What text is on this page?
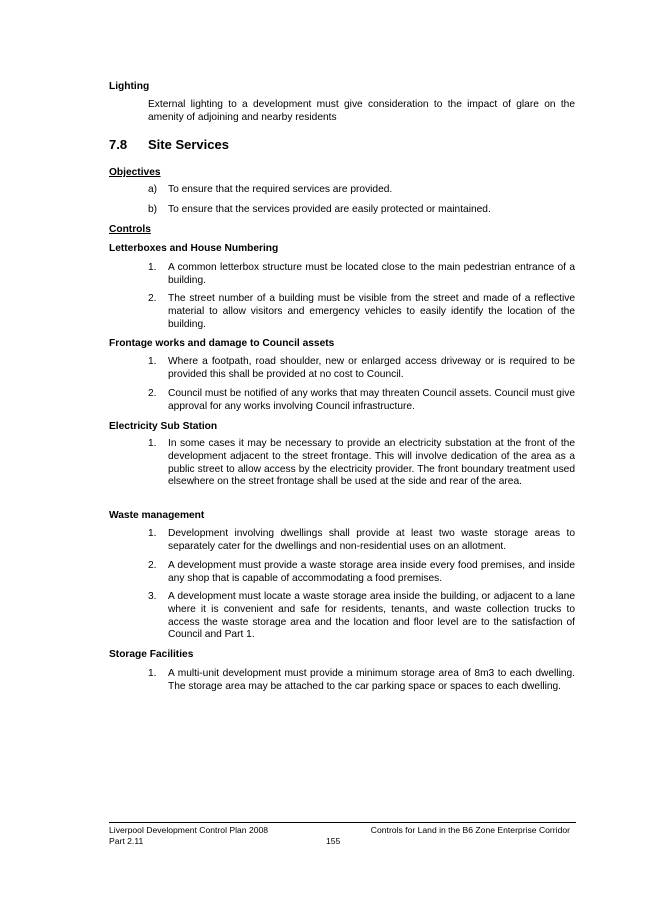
Lighting
External lighting to a development must give consideration to the impact of glare on the amenity of adjoining and nearby residents
7.8 Site Services
Objectives
a)	To ensure that the required services are provided.
b)	To ensure that the services provided are easily protected or maintained.
Controls
Letterboxes and House Numbering
1.	A common letterbox structure must be located close to the main pedestrian entrance of a building.
2.	The street number of a building must be visible from the street and made of a reflective material to allow visitors and emergency vehicles to easily identify the location of the building.
Frontage works and damage to Council assets
1.	Where a footpath, road shoulder, new or enlarged access driveway or is required to be provided this shall be provided at no cost to Council.
2.	Council must be notified of any works that may threaten Council assets. Council must give approval for any works involving Council infrastructure.
Electricity Sub Station
1.	In some cases it may be necessary to provide an electricity substation at the front of the development adjacent to the street frontage. This will involve dedication of the area as a public street to allow access by the electricity provider. The front boundary treatment used elsewhere on the street frontage shall be used at the side and rear of the area.
Waste management
1.	Development involving dwellings shall provide at least two waste storage areas to separately cater for the dwellings and non-residential uses on an allotment.
2.	A development must provide a waste storage area inside every food premises, and inside any shop that is capable of accommodating a food premises.
3.	A development must locate a waste storage area inside the building, or adjacent to a lane where it is convenient and safe for residents, tenants, and waste collection trucks to access the waste storage area and the location and floor level are to the satisfaction of Council and Part 1.
Storage Facilities
1.	A multi-unit development must provide a minimum storage area of 8m3 to each dwelling. The storage area may be attached to the car parking space or spaces to each dwelling.
Liverpool Development Control Plan 2008
Part 2.11
Controls for Land in the B6 Zone Enterprise Corridor
155
